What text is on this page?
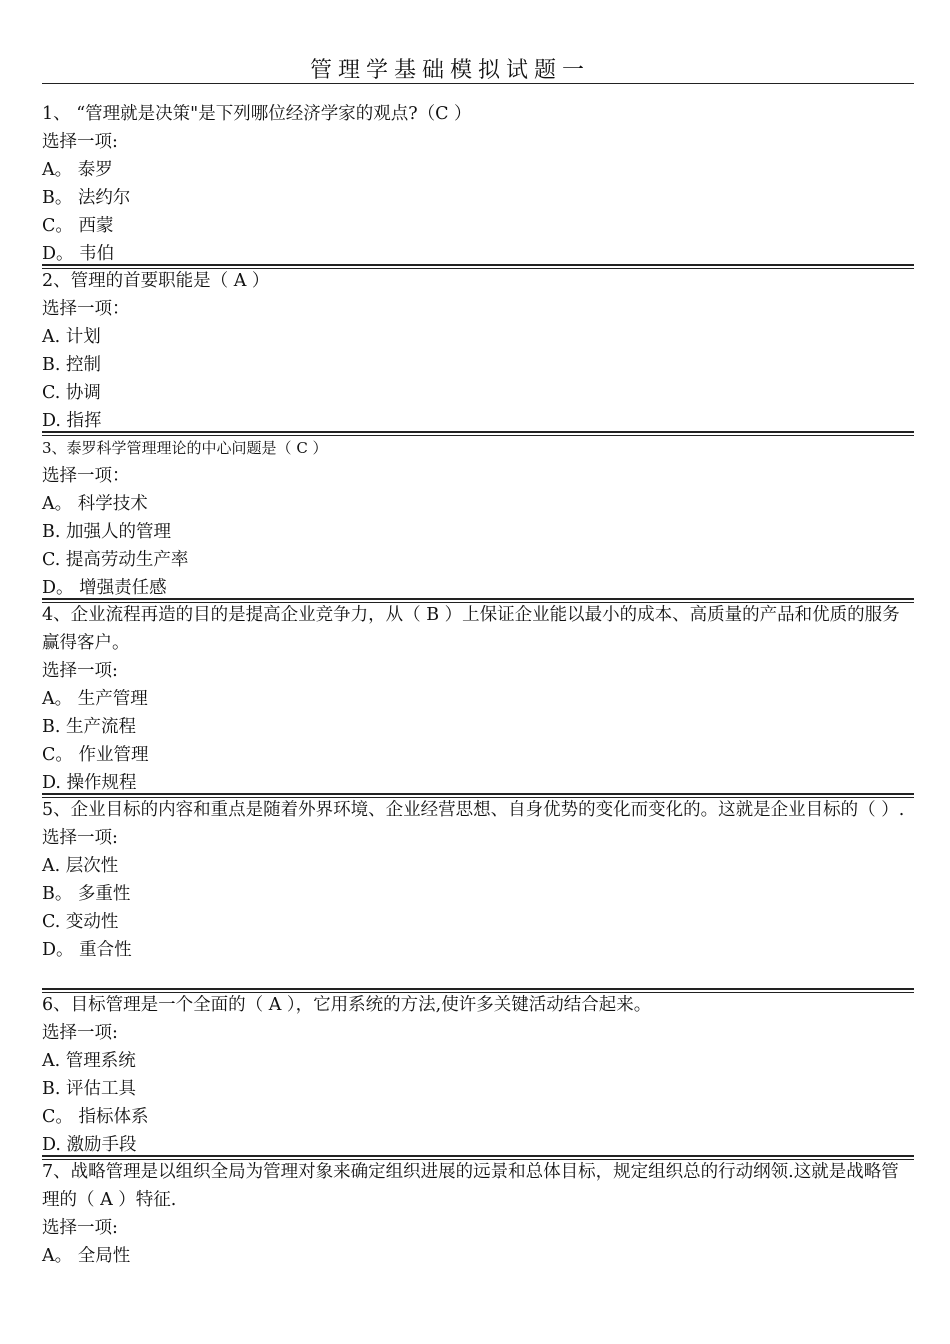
管理学基础模拟试题一

1、 “管理就是决策"是下列哪位经济学家的观点?（C ）

选择一项:

A。 泰罗

B。 法约尔

C。 西蒙

D。 韦伯

2、管理的首要职能是（ A ）

选择一项：

A. 计划

B. 控制

C. 协调

D. 指挥

3、泰罗科学管理理论的中心问题是（ C ）

选择一项：

A。 科学技术

B. 加强人的管理

C. 提高劳动生产率

D。 增强责任感

4、企业流程再造的目的是提高企业竞争力，从（ B ）上保证企业能以最小的成本、高质量的产品和优质的服务赢得客户。

选择一项:

A。 生产管理

B. 生产流程

C。 作业管理

D. 操作规程

5、企业目标的内容和重点是随着外界环境、企业经营思想、自身优势的变化而变化的。这就是企业目标的（ ）.

选择一项:

A. 层次性

B。 多重性

C. 变动性

D。 重合性

6、目标管理是一个全面的（ A ），它用系统的方法,使许多关键活动结合起来。

选择一项:

A. 管理系统

B. 评估工具

C。 指标体系

D. 激励手段

7、战略管理是以组织全局为管理对象来确定组织进展的远景和总体目标，规定组织总的行动纲领.这就是战略管理的（ A ）特征.

选择一项:

A。 全局性
